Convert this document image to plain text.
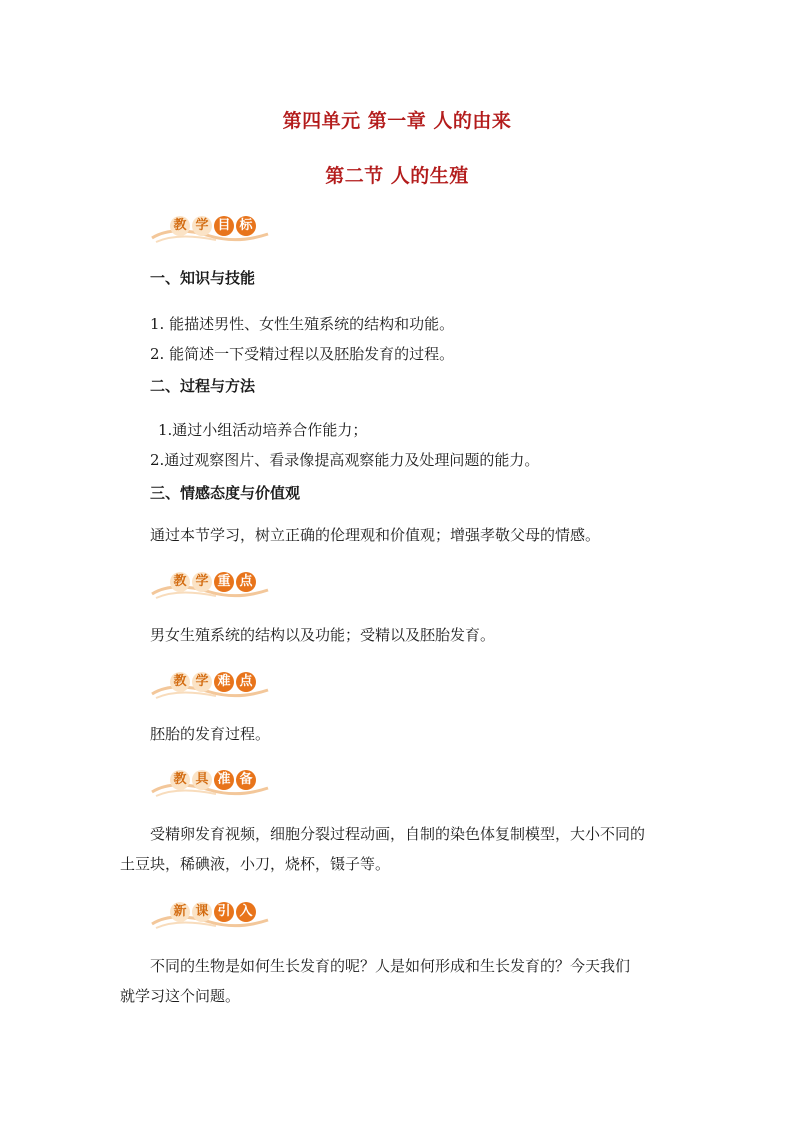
第四单元 第一章 人的由来
第二节 人的生殖
教 学 目 标
一、知识与技能
1. 能描述男性、女性生殖系统的结构和功能。
2. 能简述一下受精过程以及胚胎发育的过程。
二、过程与方法
1.通过小组活动培养合作能力；
2.通过观察图片、看录像提高观察能力及处理问题的能力。
三、情感态度与价值观
通过本节学习，树立正确的伦理观和价值观；增强孝敬父母的情感。
教 学 重 点
男女生殖系统的结构以及功能；受精以及胚胎发育。
教 学 难 点
胚胎的发育过程。
教 具 准 备
受精卵发育视频，细胞分裂过程动画，自制的染色体复制模型，大小不同的
土豆块，稀碘液，小刀，烧杯，镊子等。
新 课 引 入
不同的生物是如何生长发育的呢？人是如何形成和生长发育的？今天我们
就学习这个问题。
